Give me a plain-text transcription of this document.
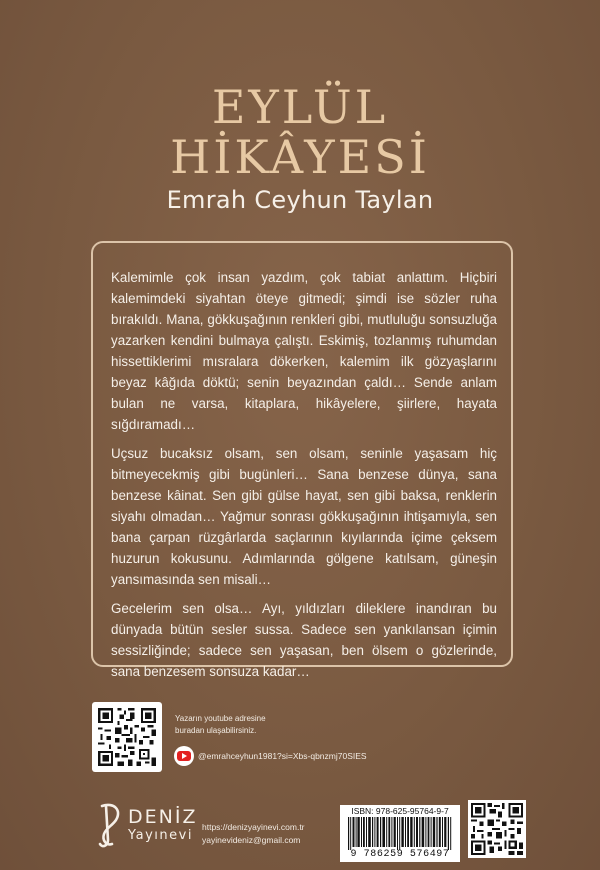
EYLÜL
HİKÂYESİ
Emrah Ceyhun Taylan

Kalemimle çok insan yazdım, çok tabiat anlattım. Hiçbiri kalemimdeki siyahtan öteye gitmedi; şimdi ise sözler ruha bırakıldı. Mana, gökkuşağının renkleri gibi, mutluluğu sonsuzluğa yazarken kendini bulmaya çalıştı. Eskimiş, tozlanmış ruhumdan hissettiklerimi mısralara dökerken, kalemim ilk gözyaşlarını beyaz kâğıda döktü; senin beyazından çaldı… Sende anlam bulan ne varsa, kitaplara, hikâyelere, şiirlere, hayata sığdıramadı…

Uçsuz bucaksız olsam, sen olsam, seninle yaşasam hiç bitmeyecekmiş gibi bugünleri… Sana benzese dünya, sana benzese kâinat. Sen gibi gülse hayat, sen gibi baksa, renklerin siyahı olmadan… Yağmur sonrası gökkuşağının ihtişamıyla, sen bana çarpan rüzgârlarda saçlarının kıyılarında içime çeksem huzurun kokusunu. Adımlarında gölgene katılsam, güneşin yansımasında sen misali…

Gecelerim sen olsa… Ayı, yıldızları dileklere inandıran bu dünyada bütün sesler sussa. Sadece sen yankılansan içimin sessizliğinde; sadece sen yaşasan, ben ölsem o gözlerinde, sana benzesem sonsuza kadar…

Yazarın youtube adresine
buradan ulaşabilirsiniz.
@emrahceyhun1981?si=Xbs-qbnzmj70SIES
DENİZ
Yayınevi
https://denizyayinevi.com.tr
yayinevideniz@gmail.com
ISBN: 978-625-95764-9-7
9 786259 576497
